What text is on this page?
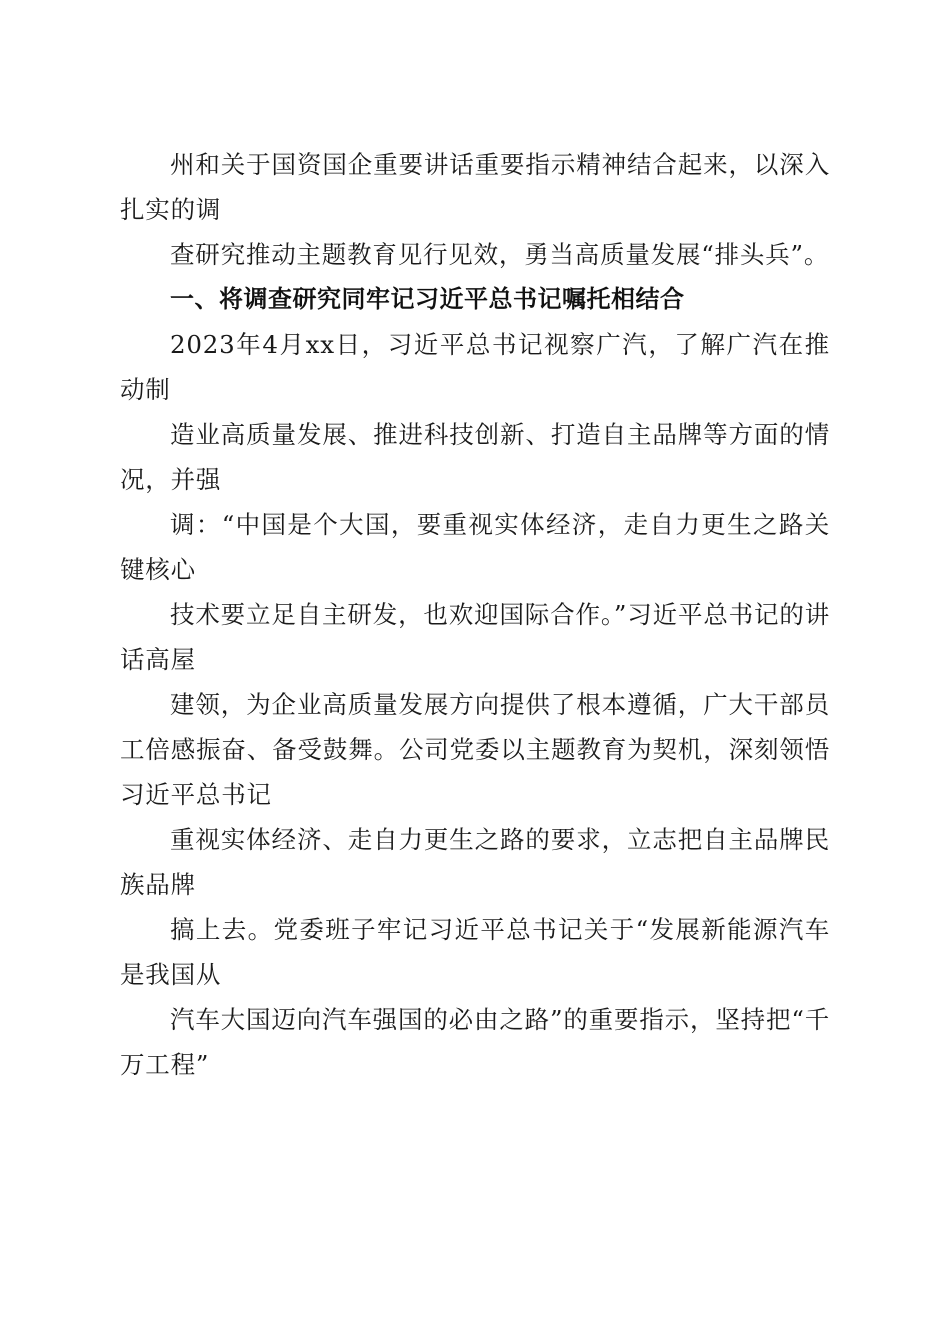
州和关于国资国企重要讲话重要指示精神结合起来，以深入扎实的调

查研究推动主题教育见行见效，勇当高质量发展“排头兵”。

一、将调查研究同牢记习近平总书记嘱托相结合

2023年4月xx日，习近平总书记视察广汽，了解广汽在推动制

造业高质量发展、推进科技创新、打造自主品牌等方面的情况，并强

调：“中国是个大国，要重视实体经济，走自力更生之路关键核心

技术要立足自主研发，也欢迎国际合作。”习近平总书记的讲话高屋

建领，为企业高质量发展方向提供了根本遵循，广大干部员工倍感振奋、备受鼓舞。公司党委以主题教育为契机，深刻领悟习近平总书记

重视实体经济、走自力更生之路的要求，立志把自主品牌民族品牌

搞上去。党委班子牢记习近平总书记关于“发展新能源汽车是我国从

汽车大国迈向汽车强国的必由之路”的重要指示，坚持把“千万工程”
